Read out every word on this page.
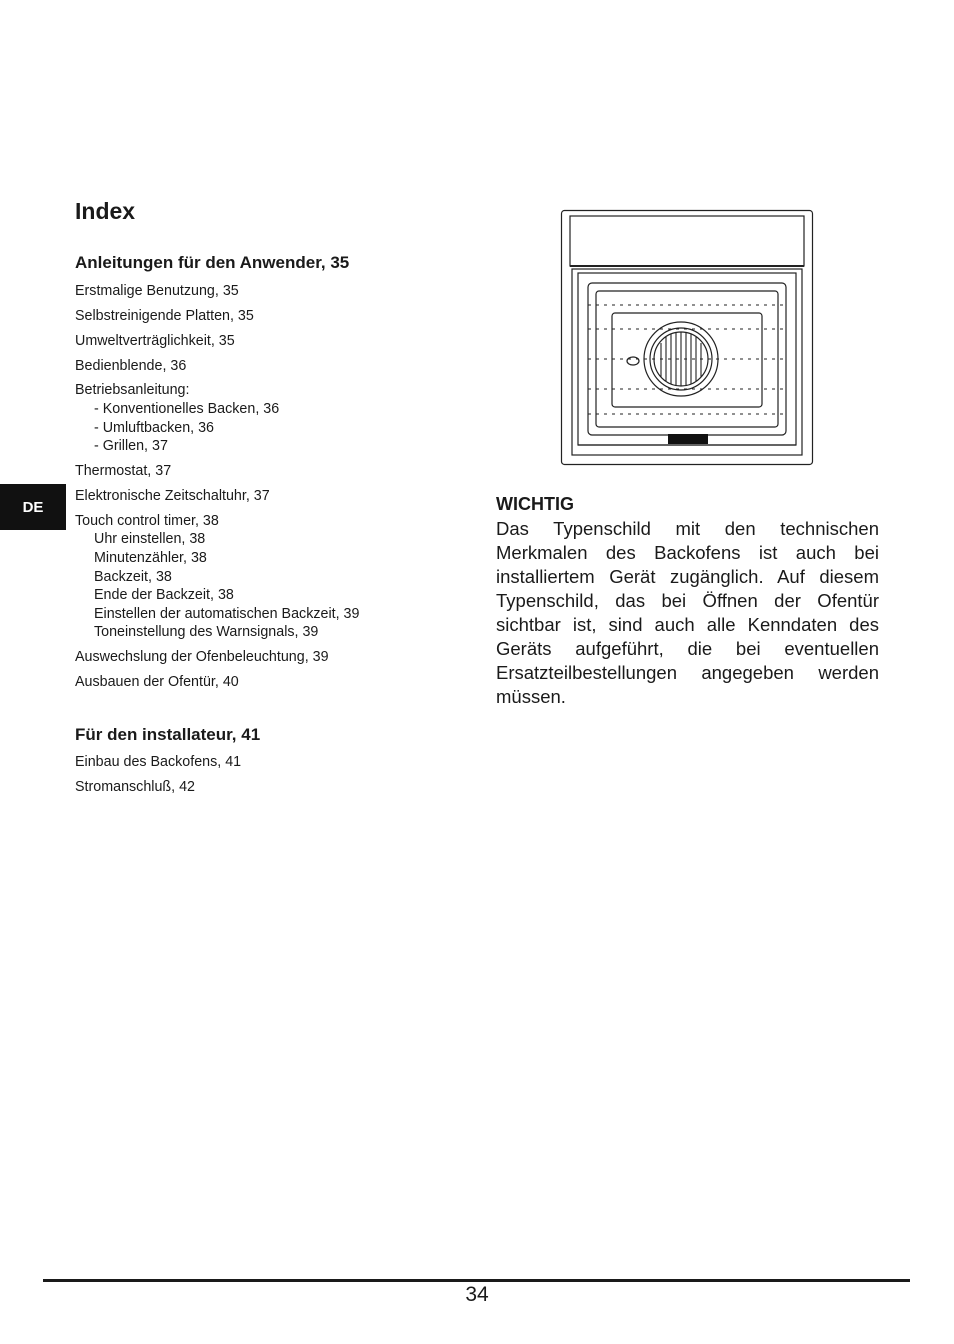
Index
Anleitungen für den Anwender, 35
Erstmalige Benutzung, 35
Selbstreinigende Platten, 35
Umweltverträglichkeit, 35
Bedienblende, 36
Betriebsanleitung:
- Konventionelles Backen, 36
- Umluftbacken, 36
- Grillen, 37
Thermostat, 37
Elektronische Zeitschaltuhr, 37
Touch control timer, 38
Uhr einstellen, 38
Minutenzähler, 38
Backzeit, 38
Ende der Backzeit, 38
Einstellen der automatischen Backzeit, 39
Toneinstellung des Warnsignals, 39
Auswechslung der Ofenbeleuchtung, 39
Ausbauen der Ofentür, 40
Für den installateur, 41
Einbau des Backofens, 41
Stromanschluß, 42
DE	WICHTIG

Das Typenschild mit den technischen Merkmalen des Backofens ist auch bei installiertem Gerät zugänglich. Auf diesem Typenschild, das bei Öffnen der Ofentür sichtbar ist, sind auch alle Kenndaten des Geräts aufgeführt, die bei eventuellen Ersatzteilbestellungen angegeben werden müssen.

34
